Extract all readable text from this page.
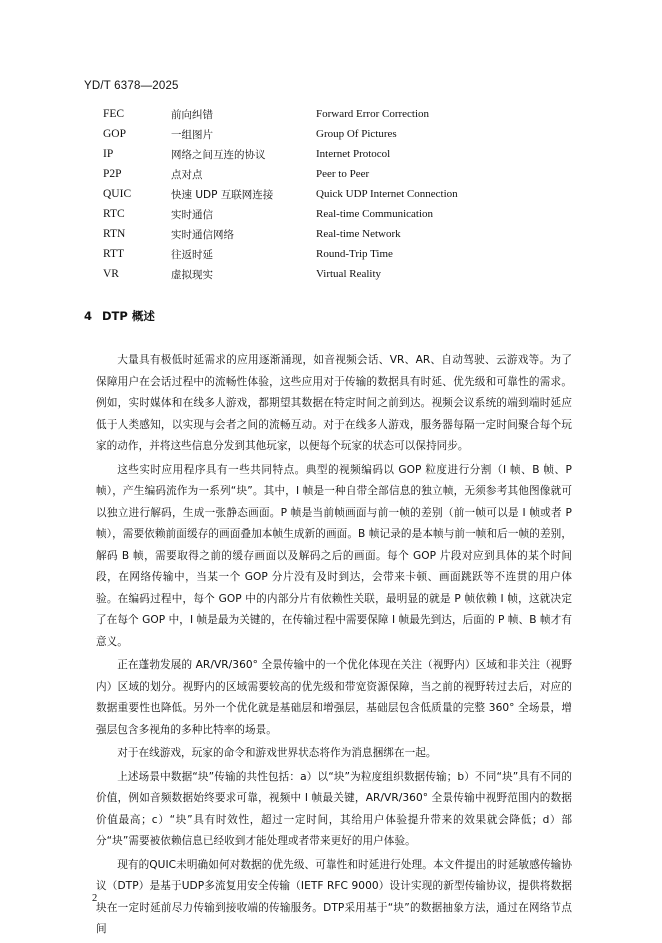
YD/T 6378—2025
FEC	前向纠错	Forward Error Correction
GOP	一组图片	Group Of Pictures
IP	网络之间互连的协议	Internet Protocol
P2P	点对点	Peer to Peer
QUIC	快速 UDP 互联网连接	Quick UDP Internet Connection
RTC	实时通信	Real-time Communication
RTN	实时通信网络	Real-time Network
RTT	往返时延	Round-Trip Time
VR	虚拟现实	Virtual Reality
4 DTP 概述

大量具有极低时延需求的应用逐渐涌现，如音视频会话、VR、AR、自动驾驶、云游戏等。为了保障用户在会话过程中的流畅性体验，这些应用对于传输的数据具有时延、优先级和可靠性的需求。例如，实时媒体和在线多人游戏，都期望其数据在特定时间之前到达。视频会议系统的端到端时延应低于人类感知，以实现与会者之间的流畅互动。对于在线多人游戏，服务器每隔一定时间聚合每个玩家的动作，并将这些信息分发到其他玩家，以便每个玩家的状态可以保持同步。

这些实时应用程序具有一些共同特点。典型的视频编码以 GOP 粒度进行分割（I 帧、B 帧、P 帧），产生编码流作为一系列“块”。其中，I 帧是一种自带全部信息的独立帧，无须参考其他图像就可以独立进行解码，生成一张静态画面。P 帧是当前帧画面与前一帧的差别（前一帧可以是 I 帧或者 P 帧），需要依赖前面缓存的画面叠加本帧生成新的画面。B 帧记录的是本帧与前一帧和后一帧的差别，解码 B 帧，需要取得之前的缓存画面以及解码之后的画面。每个 GOP 片段对应到具体的某个时间段，在网络传输中，当某一个 GOP 分片没有及时到达，会带来卡顿、画面跳跃等不连贯的用户体验。在编码过程中，每个 GOP 中的内部分片有依赖性关联，最明显的就是 P 帧依赖 I 帧，这就决定了在每个 GOP 中，I 帧是最为关键的，在传输过程中需要保障 I 帧最先到达，后面的 P 帧、B 帧才有意义。

正在蓬勃发展的 AR/VR/360° 全景传输中的一个优化体现在关注（视野内）区域和非关注（视野内）区域的划分。视野内的区域需要较高的优先级和带宽资源保障，当之前的视野转过去后，对应的数据重要性也降低。另外一个优化就是基础层和增强层，基础层包含低质量的完整 360° 全场景，增强层包含多视角的多种比特率的场景。

对于在线游戏，玩家的命令和游戏世界状态将作为消息捆绑在一起。

上述场景中数据“块”传输的共性包括：a）以“块”为粒度组织数据传输；b）不同“块”具有不同的价值，例如音频数据始终要求可靠，视频中 I 帧最关键，AR/VR/360° 全景传输中视野范围内的数据价值最高；c）“块”具有时效性，超过一定时间，其给用户体验提升带来的效果就会降低；d）部分“块”需要被依赖信息已经收到才能处理或者带来更好的用户体验。

现有的QUIC未明确如何对数据的优先级、可靠性和时延进行处理。本文件提出的时延敏感传输协议（DTP）是基于UDP多流复用安全传输（IETF RFC 9000）设计实现的新型传输协议，提供将数据块在一定时延前尽力传输到接收端的传输服务。DTP采用基于“块”的数据抽象方法，通过在网络节点间

2
